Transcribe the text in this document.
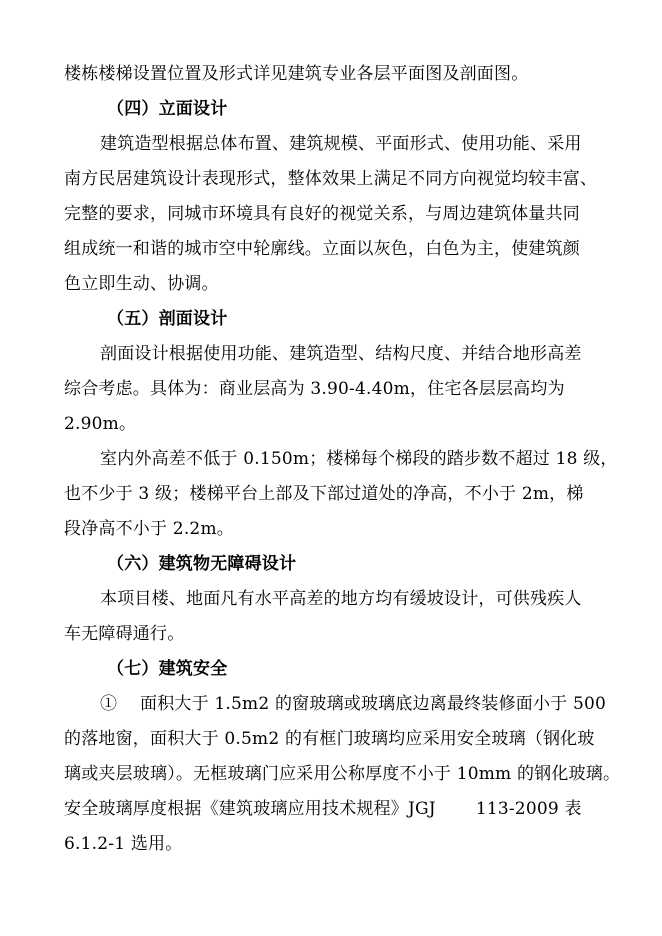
楼栋楼梯设置位置及形式详见建筑专业各层平面图及剖面图。
（四）立面设计
建筑造型根据总体布置、建筑规模、平面形式、使用功能、采用
南方民居建筑设计表现形式，整体效果上满足不同方向视觉均较丰富、
完整的要求，同城市环境具有良好的视觉关系，与周边建筑体量共同
组成统一和谐的城市空中轮廓线。立面以灰色，白色为主，使建筑颜
色立即生动、协调。
（五）剖面设计
剖面设计根据使用功能、建筑造型、结构尺度、并结合地形高差
综合考虑。具体为：商业层高为 3.90-4.40m，住宅各层层高均为
2.90m。
室内外高差不低于 0.150m；楼梯每个梯段的踏步数不超过 18 级，
也不少于 3 级；楼梯平台上部及下部过道处的净高，不小于 2m，梯
段净高不小于 2.2m。
（六）建筑物无障碍设计
本项目楼、地面凡有水平高差的地方均有缓坡设计，可供残疾人
车无障碍通行。
（七）建筑安全
①　 面积大于 1.5m2 的窗玻璃或玻璃底边离最终装修面小于 500
的落地窗，面积大于 0.5m2 的有框门玻璃均应采用安全玻璃（钢化玻
璃或夹层玻璃）。无框玻璃门应采用公称厚度不小于 10mm 的钢化玻璃。
安全玻璃厚度根据《建筑玻璃应用技术规程》JGJ　　 113-2009 表
6.1.2-1 选用。
